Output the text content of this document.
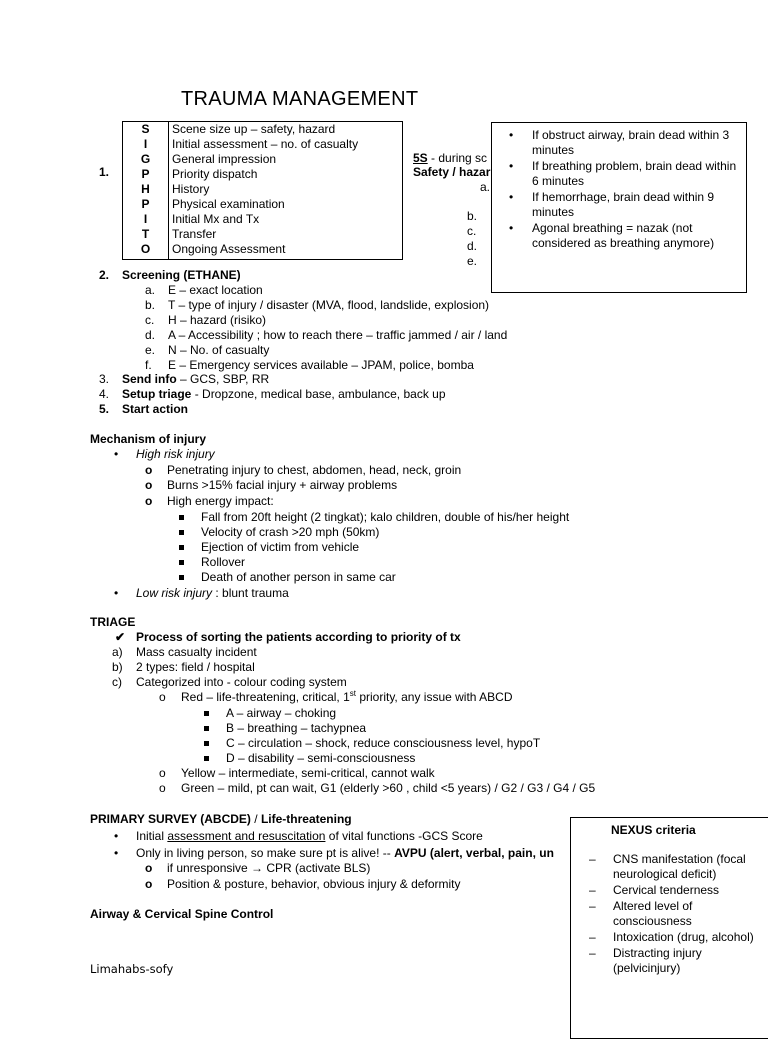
TRAUMA MANAGEMENT
1.
S	Scene size up – safety, hazard
I	Initial assessment – no. of casualty
G	General impression
P	Priority dispatch
H	History
P	Physical examination
I	Initial Mx and Tx
T	Transfer
O	Ongoing Assessment
5S - during sc
Safety / hazar
a.
b.
c.
d.
e.
• If obstruct airway, brain dead within 3 minutes
• If breathing problem, brain dead within 6 minutes
• If hemorrhage, brain dead within 9 minutes
• Agonal breathing = nazak (not considered as breathing anymore)
2. Screening (ETHANE)
a. E – exact location
b. T – type of injury / disaster (MVA, flood, landslide, explosion)
c. H – hazard (risiko)
d. A – Accessibility ; how to reach there – traffic jammed / air / land
e. N – No. of casualty
f. E – Emergency services available – JPAM, police, bomba
3. Send info – GCS, SBP, RR
4. Setup triage - Dropzone, medical base, ambulance, back up
5. Start action
Mechanism of injury
• High risk injury
o Penetrating injury to chest, abdomen, head, neck, groin
o Burns >15% facial injury + airway problems
o High energy impact:
Fall from 20ft height (2 tingkat); kalo children, double of his/her height
Velocity of crash >20 mph (50km)
Ejection of victim from vehicle
Rollover
Death of another person in same car
• Low risk injury : blunt trauma
TRIAGE
✔ Process of sorting the patients according to priority of tx
a) Mass casualty incident
b) 2 types: field / hospital
c) Categorized into - colour coding system
o Red – life-threatening, critical, 1st priority, any issue with ABCD
A – airway – choking
B – breathing – tachypnea
C – circulation – shock, reduce consciousness level, hypoT
D – disability – semi-consciousness
o Yellow – intermediate, semi-critical, cannot walk
o Green – mild, pt can wait, G1 (elderly >60 , child <5 years) / G2 / G3 / G4 / G5
PRIMARY SURVEY (ABCDE) / Life-threatening
• Initial assessment and resuscitation of vital functions -GCS Score
• Only in living person, so make sure pt is alive! -- AVPU (alert, verbal, pain, un
o if unresponsive → CPR (activate BLS)
o Position & posture, behavior, obvious injury & deformity
Airway & Cervical Spine Control
NEXUS criteria
– CNS manifestation (focal neurological deficit)
– Cervical tenderness
– Altered level of consciousness
– Intoxication (drug, alcohol)
– Distracting injury (pelvicinjury)
Limahabs-sofy
